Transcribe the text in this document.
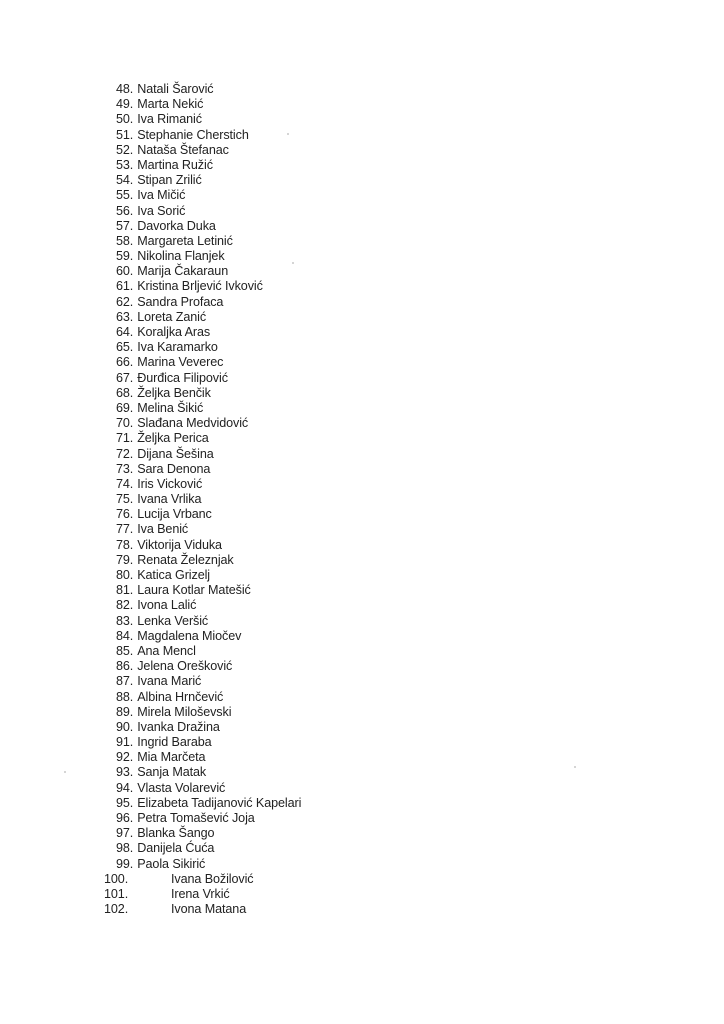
48. Natali Šarović
49. Marta Nekić
50. Iva Rimanić
51. Stephanie Cherstich
52. Nataša Štefanac
53. Martina Ružić
54. Stipan Zrilić
55. Iva Mičić
56. Iva Sorić
57. Davorka Duka
58. Margareta Letinić
59. Nikolina Flanjek
60. Marija Čakaraun
61. Kristina Brljević Ivković
62. Sandra Profaca
63. Loreta Zanić
64. Koraljka Aras
65. Iva Karamarko
66. Marina Veverec
67. Đurđica Filipović
68. Željka Benčik
69. Melina Šikić
70. Slađana Medvidović
71. Željka Perica
72. Dijana Šešina
73. Sara Denona
74. Iris Vicković
75. Ivana Vrlika
76. Lucija Vrbanc
77. Iva Benić
78. Viktorija Viduka
79. Renata Železnjak
80. Katica Grizelj
81. Laura Kotlar Matešić
82. Ivona Lalić
83. Lenka Veršić
84. Magdalena Miočev
85. Ana Mencl
86. Jelena Orešković
87. Ivana Marić
88. Albina Hrnčević
89. Mirela Miloševski
90. Ivanka Dražina
91. Ingrid Baraba
92. Mia Marčeta
93. Sanja Matak
94. Vlasta Volarević
95. Elizabeta Tadijanović Kapelari
96. Petra Tomašević Joja
97. Blanka Šango
98. Danijela Ćuća
99. Paola Sikirić
100.	Ivana Božilović
101.	Irena Vrkić
102.	Ivona Matana
